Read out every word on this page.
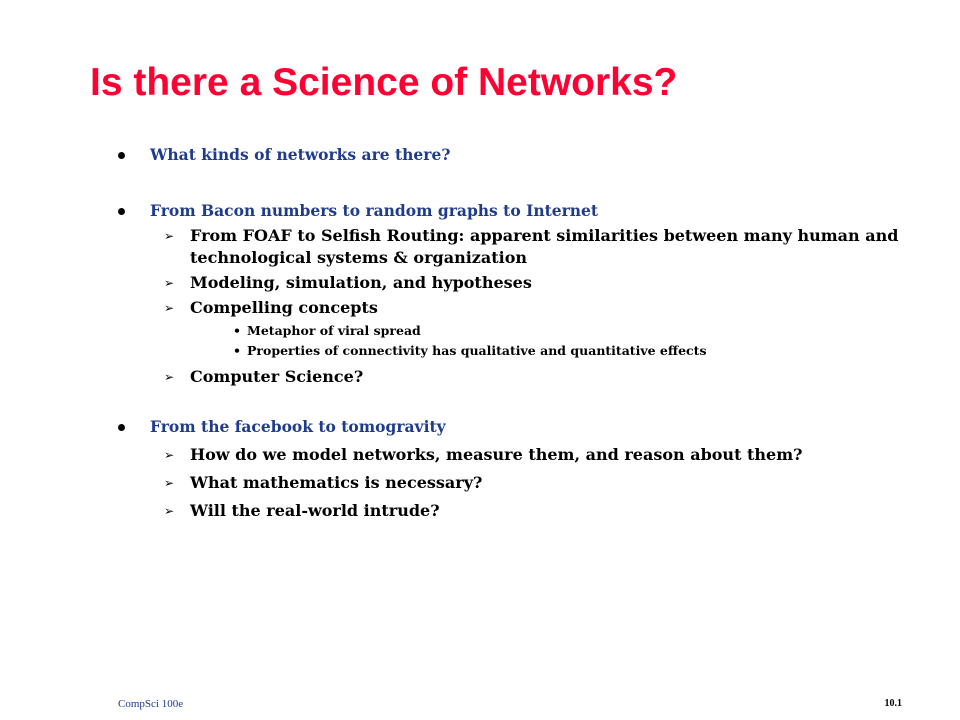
Is there a Science of Networks?
What kinds of networks are there?
From Bacon numbers to random graphs to Internet
➢ From FOAF to Selfish Routing: apparent similarities between many human and technological systems & organization
➢ Modeling, simulation, and hypotheses
➢ Compelling concepts
• Metaphor of viral spread
• Properties of connectivity has qualitative and quantitative effects
➢ Computer Science?
From the facebook to tomogravity
➢ How do we model networks, measure them, and reason about them?
➢ What mathematics is necessary?
➢ Will the real-world intrude?
CompSci 100e	10.1
